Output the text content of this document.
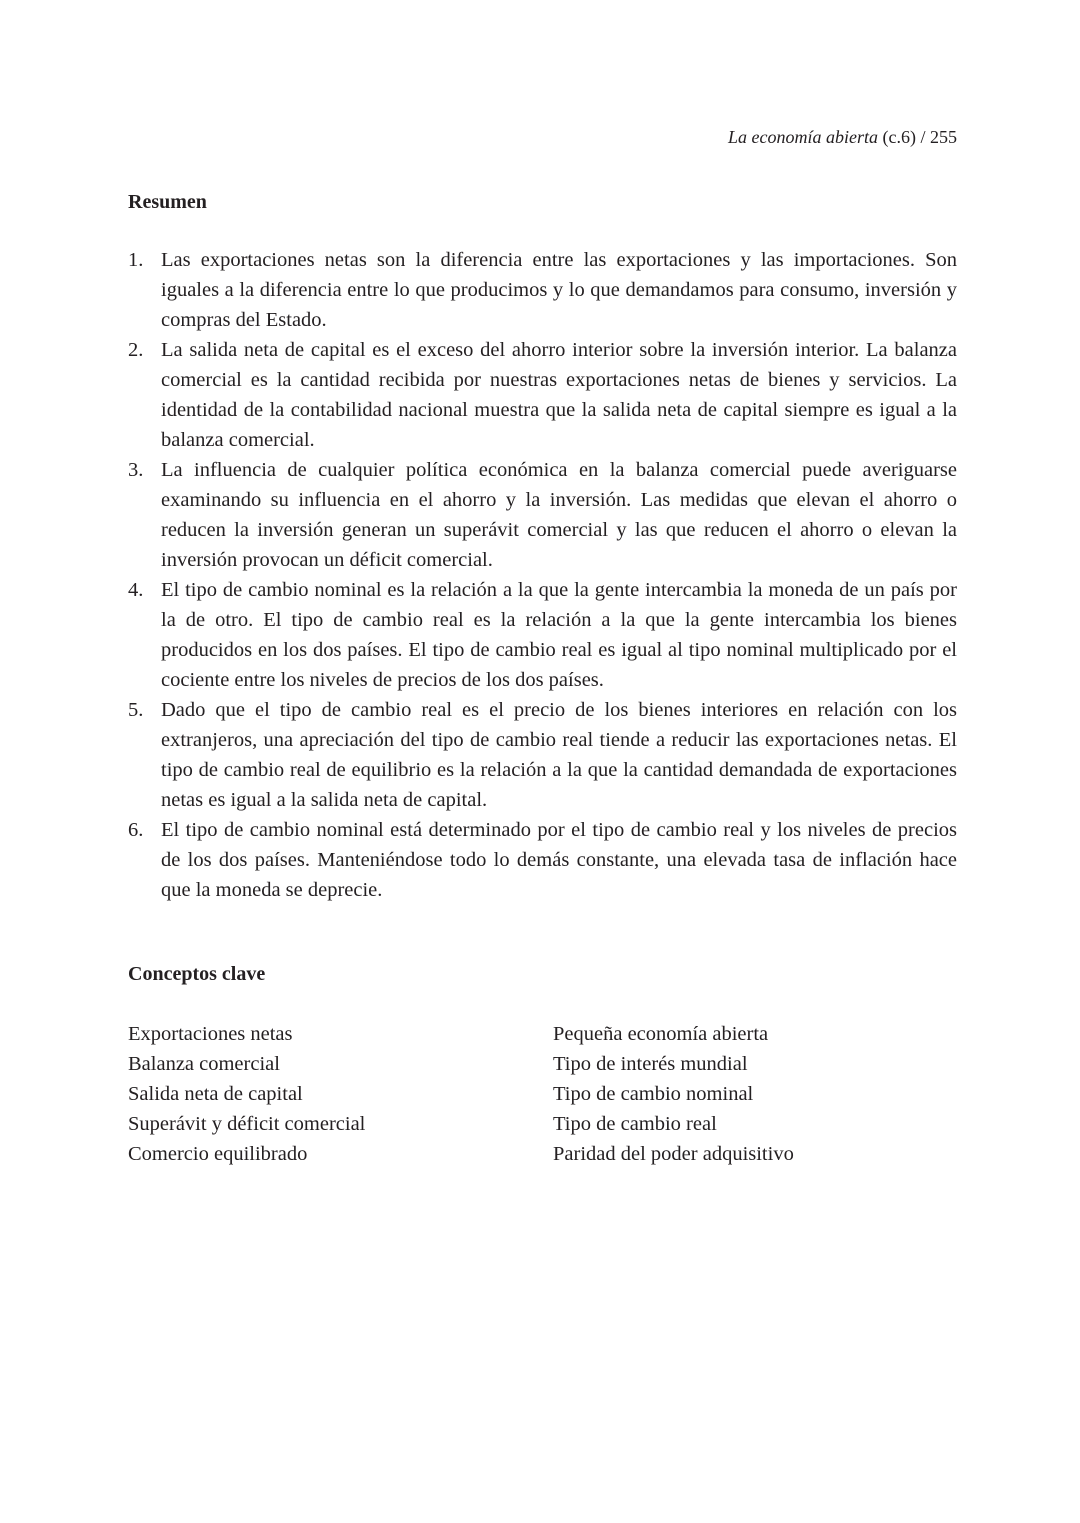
La economía abierta (c.6) / 255
Resumen
1. Las exportaciones netas son la diferencia entre las exportaciones y las importaciones. Son iguales a la diferencia entre lo que producimos y lo que demandamos para consumo, inversión y compras del Estado.

2. La salida neta de capital es el exceso del ahorro interior sobre la inversión interior. La balanza comercial es la cantidad recibida por nuestras exportaciones netas de bienes y servicios. La identidad de la contabilidad nacional muestra que la salida neta de capital siempre es igual a la balanza comercial.

3. La influencia de cualquier política económica en la balanza comercial puede averiguarse examinando su influencia en el ahorro y la inversión. Las medidas que elevan el ahorro o reducen la inversión generan un superávit comercial y las que reducen el ahorro o elevan la inversión provocan un déficit comercial.

4. El tipo de cambio nominal es la relación a la que la gente intercambia la moneda de un país por la de otro. El tipo de cambio real es la relación a la que la gente intercambia los bienes producidos en los dos países. El tipo de cambio real es igual al tipo nominal multiplicado por el cociente entre los niveles de precios de los dos países.

5. Dado que el tipo de cambio real es el precio de los bienes interiores en relación con los extranjeros, una apreciación del tipo de cambio real tiende a reducir las exportaciones netas. El tipo de cambio real de equilibrio es la relación a la que la cantidad demandada de exportaciones netas es igual a la salida neta de capital.

6. El tipo de cambio nominal está determinado por el tipo de cambio real y los niveles de precios de los dos países. Manteniéndose todo lo demás constante, una elevada tasa de inflación hace que la moneda se deprecie.

Conceptos clave
Exportaciones netas
Balanza comercial
Salida neta de capital
Superávit y déficit comercial
Comercio equilibrado
Pequeña economía abierta
Tipo de interés mundial
Tipo de cambio nominal
Tipo de cambio real
Paridad del poder adquisitivo
